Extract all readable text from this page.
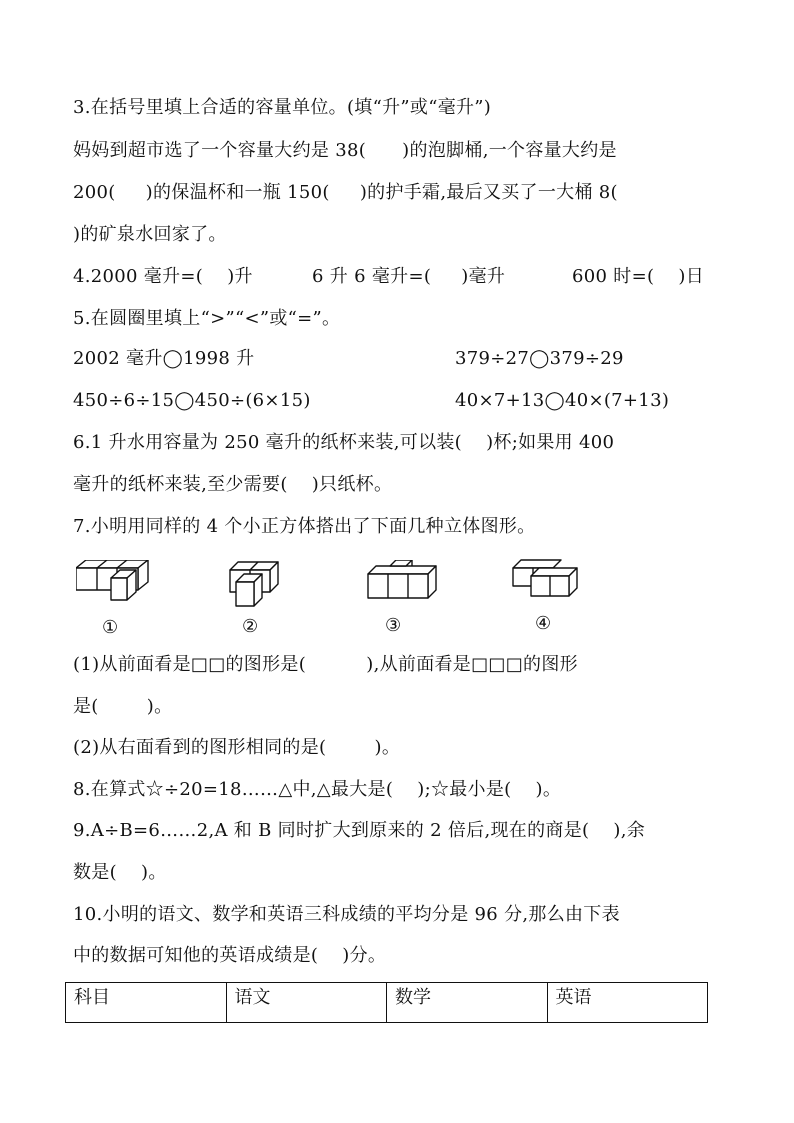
3.在括号里填上合适的容量单位。(填“升”或“毫升”)
妈妈到超市选了一个容量大约是 38(      )的泡脚桶,一个容量大约是
200(     )的保温杯和一瓶 150(     )的护手霜,最后又买了一大桶 8(
)的矿泉水回家了。
4.2000 毫升=(    )升	6 升 6 毫升=(     )毫升	600 时=(    )日
5.在圆圈里填上“>”“<”或“=”。
2002 毫升◯1998 升	379÷27◯379÷29
450÷6÷15◯450÷(6×15)	40×7+13◯40×(7+13)
6.1 升水用容量为 250 毫升的纸杯来装,可以装(    )杯;如果用 400
毫升的纸杯来装,至少需要(    )只纸杯。
7.小明用同样的 4 个小正方体搭出了下面几种立体图形。
①	②	③	④
(1)从前面看是□□的图形是(          ),从前面看是□□□的图形
是(        )。
(2)从右面看到的图形相同的是(        )。
8.在算式☆÷20=18……△中,△最大是(    );☆最小是(    )。
9.A÷B=6……2,A 和 B 同时扩大到原来的 2 倍后,现在的商是(    ),余
数是(    )。
10.小明的语文、数学和英语三科成绩的平均分是 96 分,那么由下表
中的数据可知他的英语成绩是(    )分。
科目	语文	数学	英语
